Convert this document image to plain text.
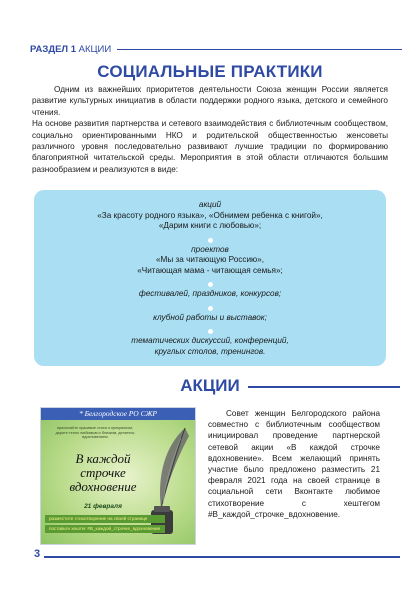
РАЗДЕЛ 1 АКЦИИ
СОЦИАЛЬНЫЕ ПРАКТИКИ

Одним из важнейших приоритетов деятельности Союза женщин России является развитие культурных инициатив в области поддержки родного языка, детского и семейного чтения.

На основе развития партнерства и сетевого взаимодействия с библиотечным сообществом, социально ориентированными НКО и родительской общественностью женсоветы различного уровня последовательно развивают лучшие традиции по формированию благоприятной читательской среды. Мероприятия в этой области отличаются большим разнообразием и реализуются в виде:

акций
«За красоту родного языка», «Обнимем ребенка с книгой»,
«Дарим книги с любовью»;
проектов
«Мы за читающую Россию»,
«Читающая мама - читающая семья»;
фестивалей, праздников, конкурсов;
клубной работы и выставок;
тематических дискуссий, конференций,
круглых столов, тренингов.
АКЦИИ
* Белгородское РО СЖР
присылайте красивые стихи о прекрасном, дарите тепло любимым и близким, делитесь вдохновением
В каждой
строчке
вдохновение
21 февраля
разместите стихотворение на своей странице
поставьте хештег #В_каждой_строчке_вдохновение

Совет женщин Белгородского района совместно с библиотечным сообществом инициировал проведение партнерской сетевой акции «В каждой строчке вдохновение». Всем желающий принять участие было предложено разместить 21 февраля 2021 года на своей странице в социальной сети Вконтакте любимое стихотворение с хештегом #В_каждой_строчке_вдохновение.

3
